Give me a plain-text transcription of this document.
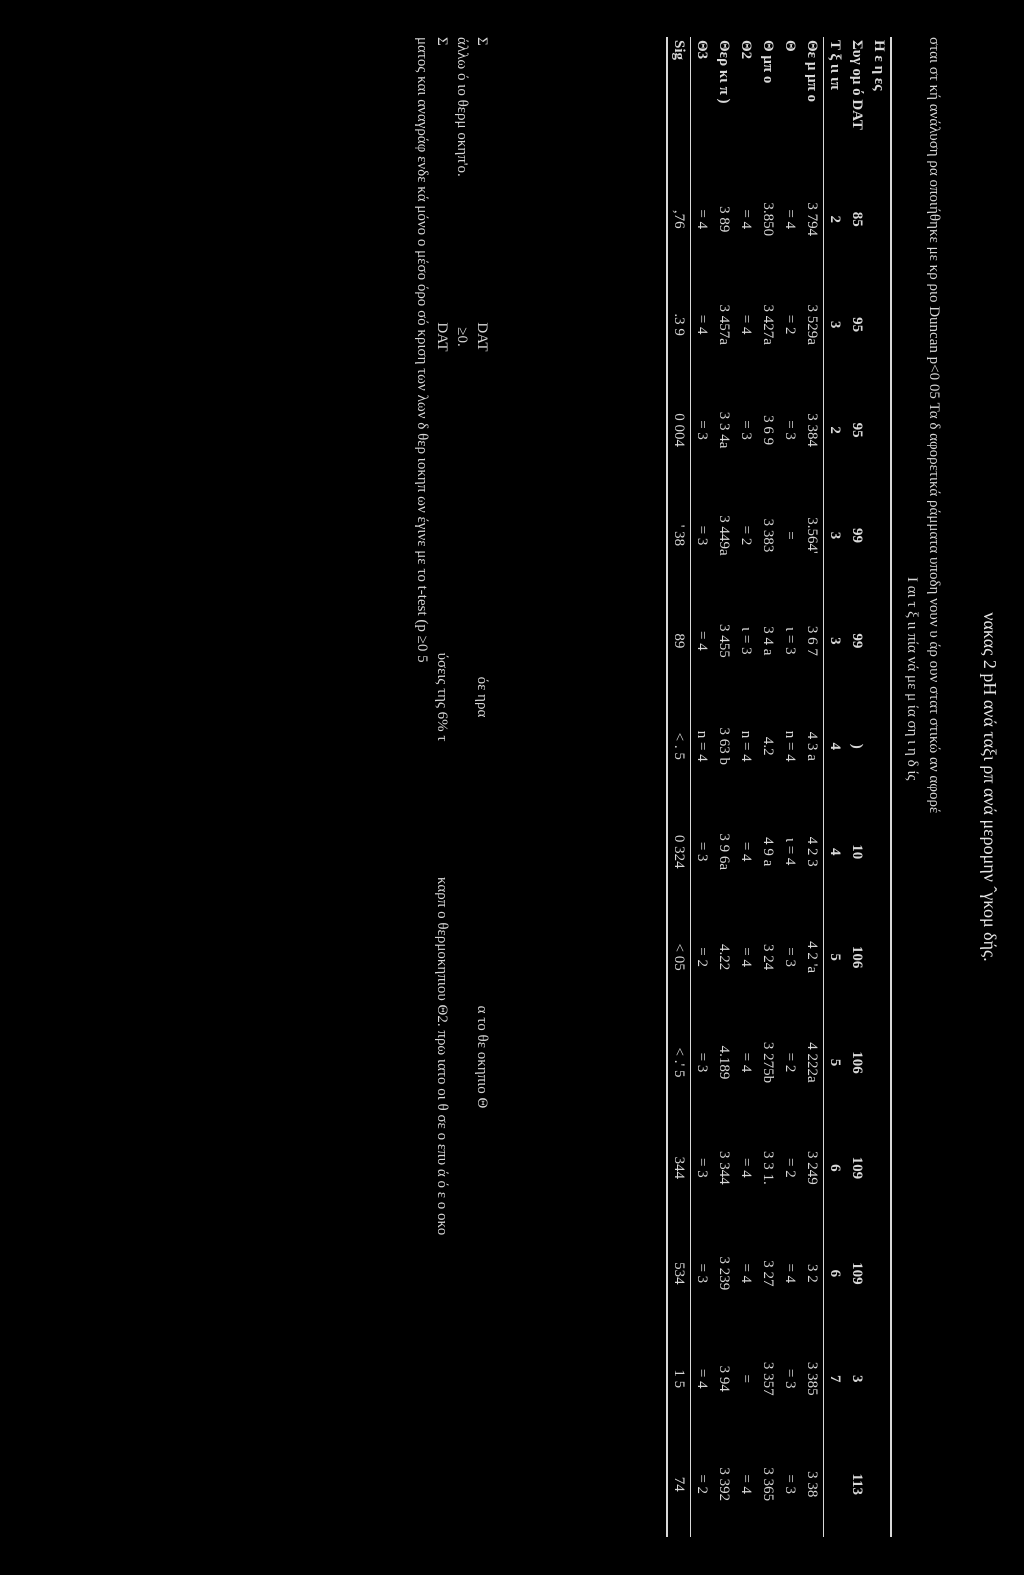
νακας 2 pH ανά ταξι ρπ ανά μερομην ˆγκομ δής.

σται στ κή ανάλυση ρα οποιήθηκε με κρ ριο Duncan p<0 05 Τα δ αφορετικά ράμματα υποδη νουν υ άρ ουν στατ στικώ αν αφορέ

Ι αι τ ξ ιι πία νά με μ ία ση ι η δ ίς

Η ε η ες													
Συγ ομ ό DAT	85	95	95	99	99	)	10	106	106	109	109	3	113
Τ ξ ιι ιπ	2	3	2	3	3	4	4	5	5	6	6	7	
Θε μ μπ ο	3 794	3 529a	3 384	3.564'	3 6 7	4 3 a	4 2 3	4 2 'a	4 222a	3 249	3 2	3 385	3 38
Θ	= 4	= 2	= 3	=	ι = 3	n = 4	ι = 4	= 3	= 2	= 2	= 4	= 3	= 3
Θ μπ ο	3.850	3 427a	3 6 9	3 383	3 4 a	4.2	4 9 a	3 24	3 275b	3 3 1.	3 27	3 357	3 365
Θ2	= 4	= 4	= 3	= 2	ι = 3	n = 4	= 4	= 4	= 4	= 4	= 4	=	= 4
Θερ κι π )	3 89	3 457a	3 3 4a	3 449a	3 455	3 63 b	3 9 6a	4.22	4.189	3 344	3 239	3 94	3 392
Θ3	= 4	= 4	= 3	= 3	= 4	n = 4	= 3	= 2	= 3	= 3	= 3	= 4	= 2
Sig	,76	.3 9	0 004	' 38	89	< . 5	0 324	< 05	< .' 5	344	534	1 5	74

ΣDATόε ηραα το θε οκηπιο Θ

άλλω ό ιο θερμ οκηπ'ο.≥0.

ΣDATύσεις της 6% τκαρπ ο θερμοκηπιου Θ2. πρω ιατο οι θ σε ο επυ ά ό ε ο οκο

ματος και αναγράφ ενδε κά μόνο ο μέσο όρο σό κριση των λων δ θερ ιοκηπ ων έγινε με το t-test (p ≥0 5
